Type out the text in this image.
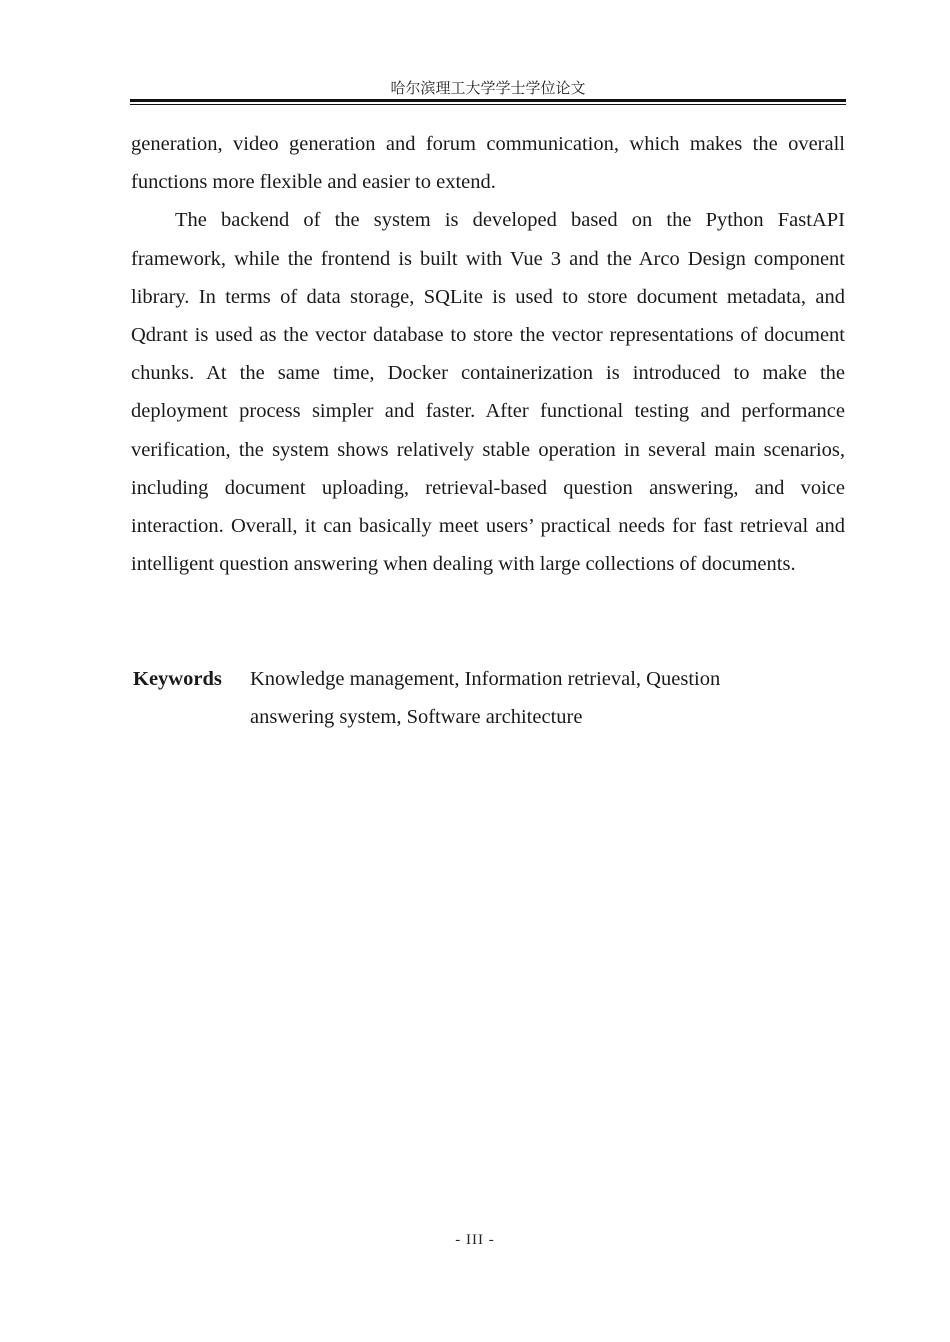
哈尔滨理工大学学士学位论文

generation, video generation and forum communication, which makes the overall functions more flexible and easier to extend.

The backend of the system is developed based on the Python FastAPI framework, while the frontend is built with Vue 3 and the Arco Design component library. In terms of data storage, SQLite is used to store document metadata, and Qdrant is used as the vector database to store the vector representations of document chunks. At the same time, Docker containerization is introduced to make the deployment process simpler and faster. After functional testing and performance verification, the system shows relatively stable operation in several main scenarios, including document uploading, retrieval-based question answering, and voice interaction. Overall, it can basically meet users’ practical needs for fast retrieval and intelligent question answering when dealing with large collections of documents.

Keywords Knowledge management, Information retrieval, Question answering system, Software architecture
- III -
